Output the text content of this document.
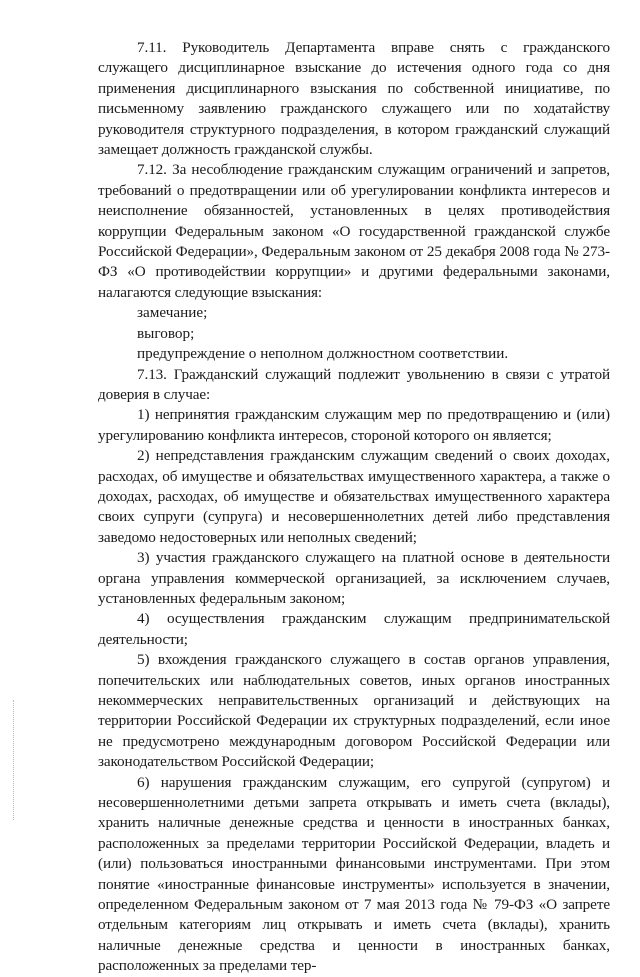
7.11. Руководитель Департамента вправе снять с гражданского служащего дисциплинарное взыскание до истечения одного года со дня применения дисциплинарного взыскания по собственной инициативе, по письменному заявлению гражданского служащего или по ходатайству руководителя структурного подразделения, в котором гражданский служащий замещает должность гражданской службы.

7.12. За несоблюдение гражданским служащим ограничений и запретов, требований о предотвращении или об урегулировании конфликта интересов и неисполнение обязанностей, установленных в целях противодействия коррупции Федеральным законом «О государственной гражданской службе Российской Федерации», Федеральным законом от 25 декабря 2008 года № 273-ФЗ «О противодействии коррупции» и другими федеральными законами, налагаются следующие взыскания:

замечание;

выговор;

предупреждение о неполном должностном соответствии.

7.13. Гражданский служащий подлежит увольнению в связи с утратой доверия в случае:

1) непринятия гражданским служащим мер по предотвращению и (или) урегулированию конфликта интересов, стороной которого он является;

2) непредставления гражданским служащим сведений о своих доходах, расходах, об имуществе и обязательствах имущественного характера, а также о доходах, расходах, об имуществе и обязательствах имущественного характера своих супруги (супруга) и несовершеннолетних детей либо представления заведомо недостоверных или неполных сведений;

3) участия гражданского служащего на платной основе в деятельности органа управления коммерческой организацией, за исключением случаев, установленных федеральным законом;

4) осуществления гражданским служащим предпринимательской деятельности;

5) вхождения гражданского служащего в состав органов управления, попечительских или наблюдательных советов, иных органов иностранных некоммерческих неправительственных организаций и действующих на территории Российской Федерации их структурных подразделений, если иное не предусмотрено международным договором Российской Федерации или законодательством Российской Федерации;

6) нарушения гражданским служащим, его супругой (супругом) и несовершеннолетними детьми запрета открывать и иметь счета (вклады), хранить наличные денежные средства и ценности в иностранных банках, расположенных за пределами территории Российской Федерации, владеть и (или) пользоваться иностранными финансовыми инструментами. При этом понятие «иностранные финансовые инструменты» используется в значении, определенном Федеральным законом от 7 мая 2013 года № 79-ФЗ «О запрете отдельным категориям лиц открывать и иметь счета (вклады), хранить наличные денежные средства и ценности в иностранных банках, расположенных за пределами тер-
